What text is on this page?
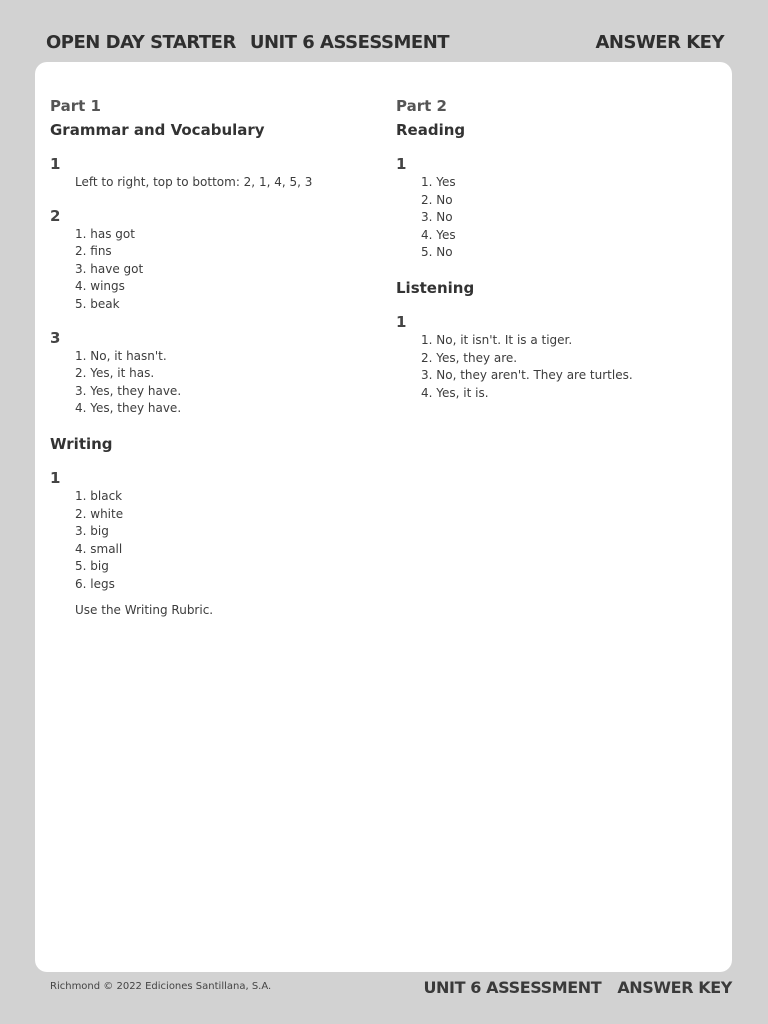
OPEN DAY STARTER UNIT 6 ASSESSMENT	ANSWER KEY

Part 1

Grammar and Vocabulary

1

Left to right, top to bottom: 2, 1, 4, 5, 3

2

1. has got
2. fins
3. have got
4. wings
5. beak

3

1. No, it hasn't.
2. Yes, it has.
3. Yes, they have.
4. Yes, they have.

Writing

1

1. black
2. white
3. big
4. small
5. big
6. legs

Use the Writing Rubric.

Part 2

Reading

1

1. Yes
2. No
3. No
4. Yes
5. No

Listening

1

1. No, it isn't. It is a tiger.
2. Yes, they are.
3. No, they aren't. They are turtles.
4. Yes, it is.
Richmond © 2022 Ediciones Santillana, S.A.	UNIT 6 ASSESSMENT ANSWER KEY
